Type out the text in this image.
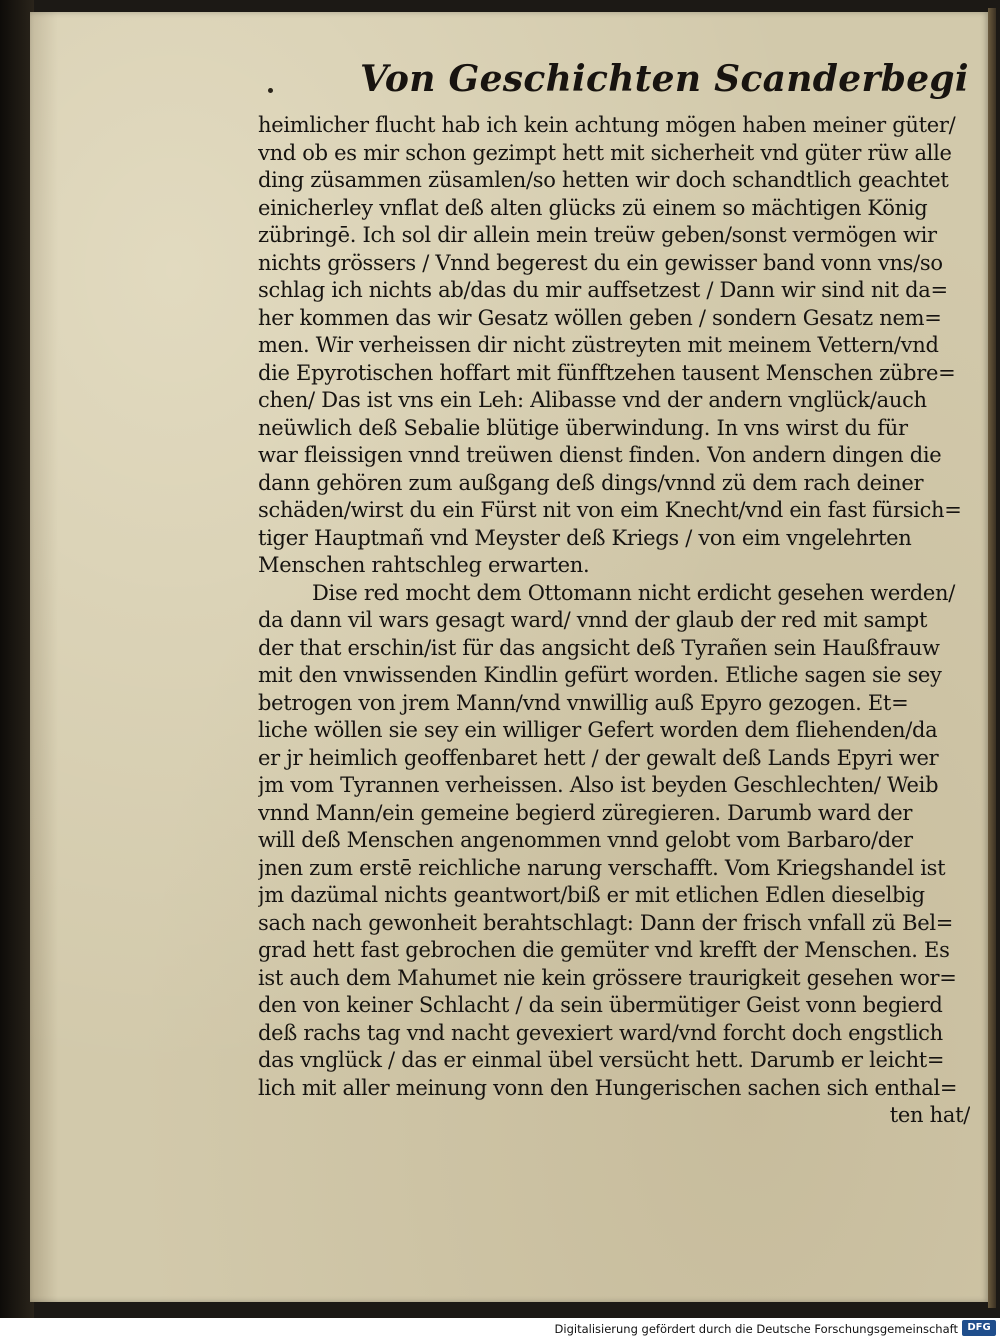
Von Geschichten Scanderbegi
heimlicher flucht hab ich kein achtung mögen haben meiner güter/
vnd ob es mir schon gezimpt hett mit sicherheit vnd güter rüw alle
ding züsammen züsamlen/so hetten wir doch schandtlich geachtet
einicherley vnflat deß alten glücks zü einem so mächtigen König
zübringē. Ich sol dir allein mein treüw geben/sonst vermögen wir
nichts grössers / Vnnd begerest du ein gewisser band vonn vns/so
schlag ich nichts ab/das du mir auffsetzest / Dann wir sind nit da=
her kommen das wir Gesatz wöllen geben / sondern Gesatz nem=
men. Wir verheissen dir nicht züstreyten mit meinem Vettern/vnd
die Epyrotischen hoffart mit fünfftzehen tausent Menschen zübre=
chen/ Das ist vns ein Leh: Alibasse vnd der andern vnglück/auch
neüwlich deß Sebalie blütige überwindung. In vns wirst du für
war fleissigen vnnd treüwen dienst finden. Von andern dingen die
dann gehören zum außgang deß dings/vnnd zü dem rach deiner
schäden/wirst du ein Fürst nit von eim Knecht/vnd ein fast fürsich=
tiger Hauptmañ vnd Meyster deß Kriegs / von eim vngelehrten
Menschen rahtschleg erwarten.
Dise red mocht dem Ottomann nicht erdicht gesehen werden/
da dann vil wars gesagt ward/ vnnd der glaub der red mit sampt
der that erschin/ist für das angsicht deß Tyrañen sein Haußfrauw
mit den vnwissenden Kindlin gefürt worden. Etliche sagen sie sey
betrogen von jrem Mann/vnd vnwillig auß Epyro gezogen. Et=
liche wöllen sie sey ein williger Gefert worden dem fliehenden/da
er jr heimlich geoffenbaret hett / der gewalt deß Lands Epyri wer
jm vom Tyrannen verheissen. Also ist beyden Geschlechten/ Weib
vnnd Mann/ein gemeine begierd züregieren. Darumb ward der
will deß Menschen angenommen vnnd gelobt vom Barbaro/der
jnen zum erstē reichliche narung verschafft. Vom Kriegshandel ist
jm dazümal nichts geantwort/biß er mit etlichen Edlen dieselbig
sach nach gewonheit berahtschlagt: Dann der frisch vnfall zü Bel=
grad hett fast gebrochen die gemüter vnd krefft der Menschen. Es
ist auch dem Mahumet nie kein grössere traurigkeit gesehen wor=
den von keiner Schlacht / da sein übermütiger Geist vonn begierd
deß rachs tag vnd nacht gevexiert ward/vnd forcht doch engstlich
das vnglück / das er einmal übel versücht hett. Darumb er leicht=
lich mit aller meinung vonn den Hungerischen sachen sich enthal=
ten hat/
Digitalisierung gefördert durch die Deutsche Forschungsgemeinschaft DFG
